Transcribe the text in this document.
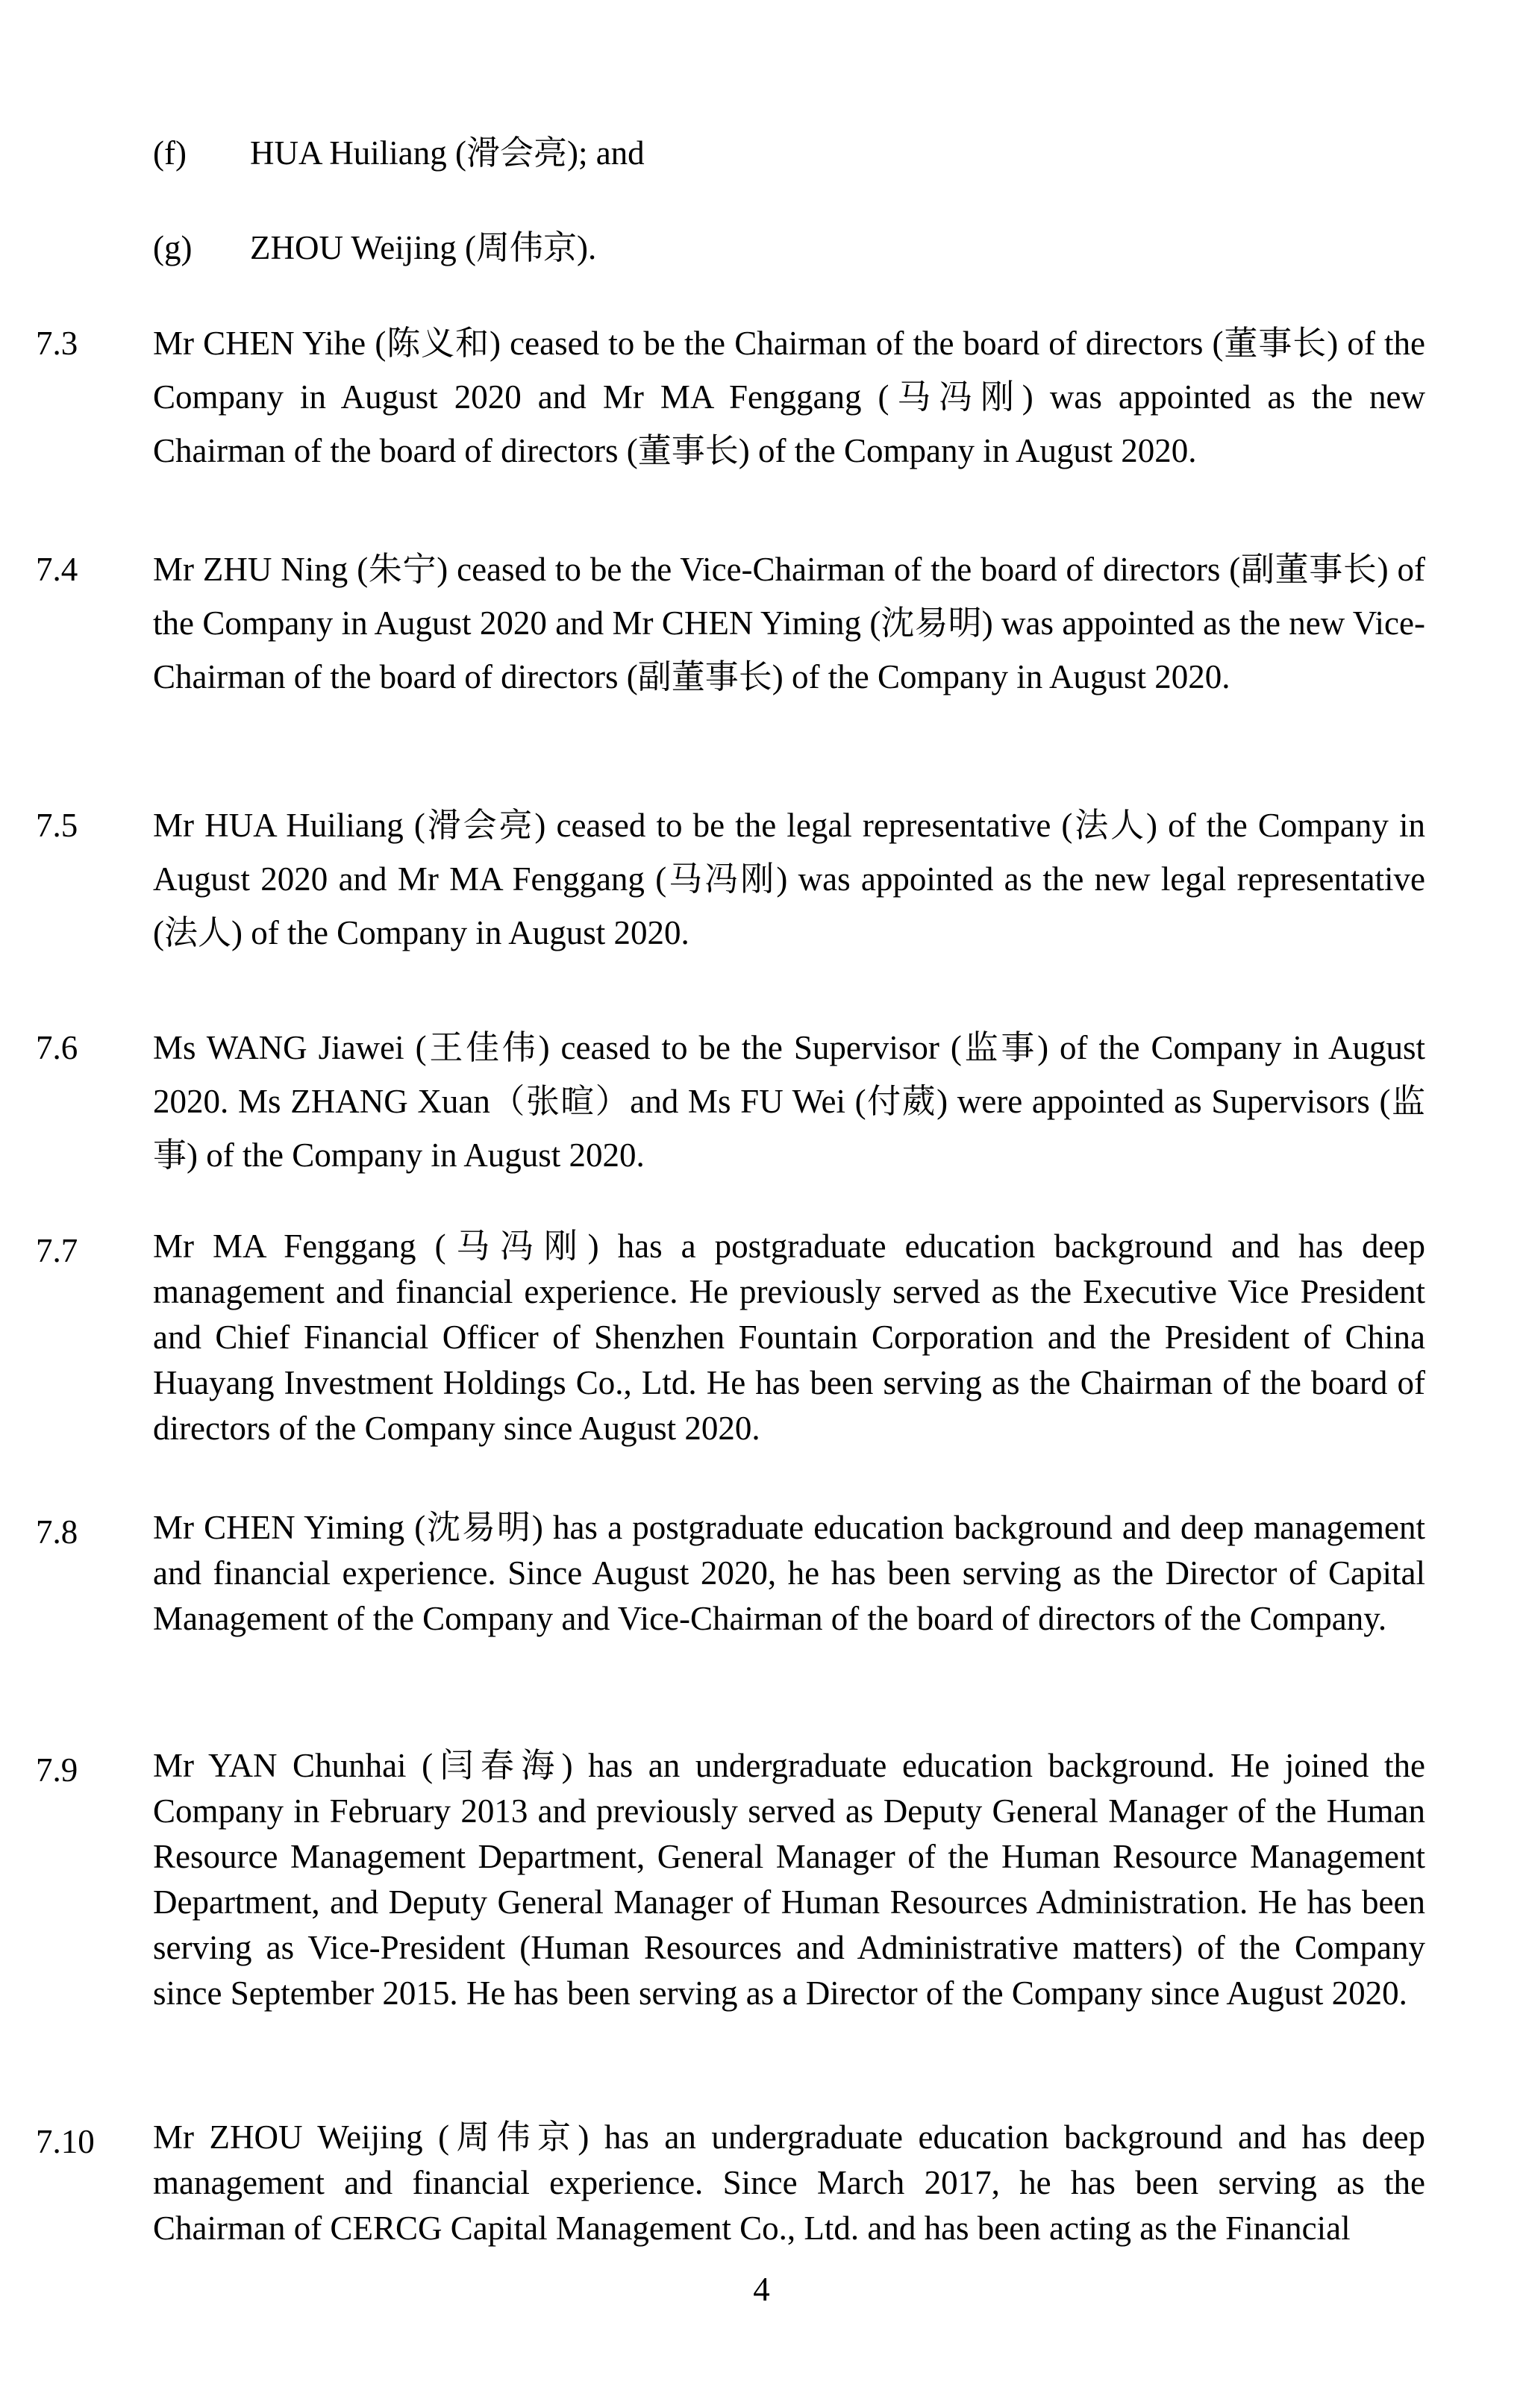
(f) HUA Huiliang (滑会亮); and
(g) ZHOU Weijing (周伟京).
7.3 Mr CHEN Yihe (陈义和) ceased to be the Chairman of the board of directors (董事长) of the Company in August 2020 and Mr MA Fenggang (马冯刚) was appointed as the new Chairman of the board of directors (董事长) of the Company in August 2020.
7.4 Mr ZHU Ning (朱宁) ceased to be the Vice-Chairman of the board of directors (副董事长) of the Company in August 2020 and Mr CHEN Yiming (沈易明) was appointed as the new Vice-Chairman of the board of directors (副董事长) of the Company in August 2020.
7.5 Mr HUA Huiliang (滑会亮) ceased to be the legal representative (法人) of the Company in August 2020 and Mr MA Fenggang (马冯刚) was appointed as the new legal representative (法人) of the Company in August 2020.
7.6 Ms WANG Jiawei (王佳伟) ceased to be the Supervisor (监事) of the Company in August 2020. Ms ZHANG Xuan（张暄）and Ms FU Wei (付葳) were appointed as Supervisors (监事) of the Company in August 2020.
7.7 Mr MA Fenggang (马冯刚) has a postgraduate education background and has deep management and financial experience. He previously served as the Executive Vice President and Chief Financial Officer of Shenzhen Fountain Corporation and the President of China Huayang Investment Holdings Co., Ltd. He has been serving as the Chairman of the board of directors of the Company since August 2020.
7.8 Mr CHEN Yiming (沈易明) has a postgraduate education background and deep management and financial experience. Since August 2020, he has been serving as the Director of Capital Management of the Company and Vice-Chairman of the board of directors of the Company.
7.9 Mr YAN Chunhai (闫春海) has an undergraduate education background. He joined the Company in February 2013 and previously served as Deputy General Manager of the Human Resource Management Department, General Manager of the Human Resource Management Department, and Deputy General Manager of Human Resources Administration. He has been serving as Vice-President (Human Resources and Administrative matters) of the Company since September 2015. He has been serving as a Director of the Company since August 2020.
7.10 Mr ZHOU Weijing (周伟京) has an undergraduate education background and has deep management and financial experience. Since March 2017, he has been serving as the Chairman of CERCG Capital Management Co., Ltd. and has been acting as the Financial
4
